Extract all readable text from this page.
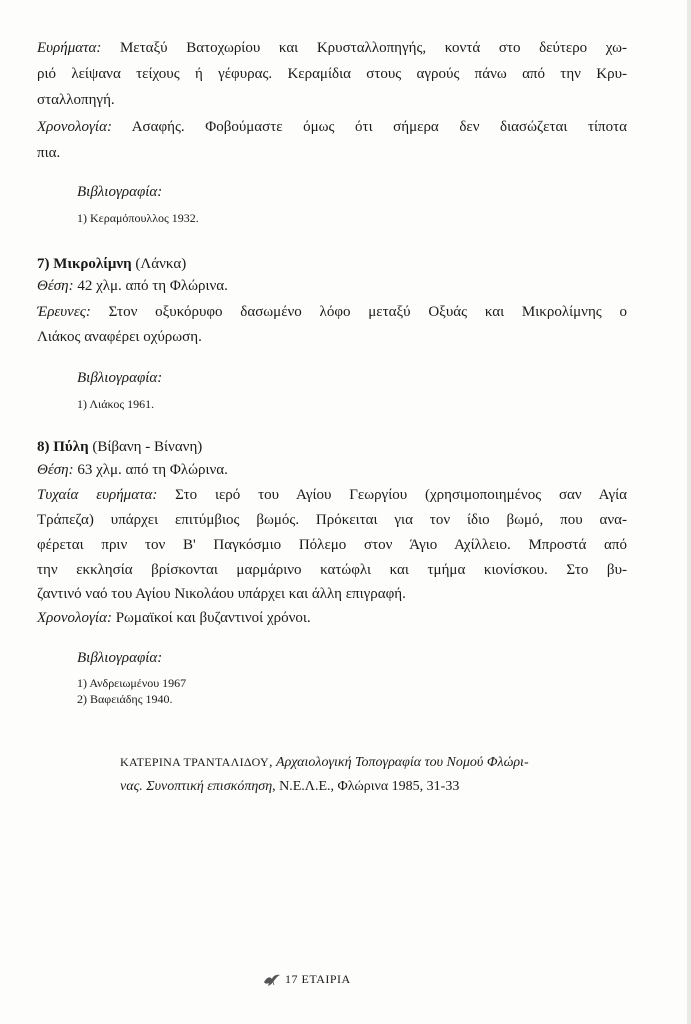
Ευρήματα: Μεταξύ Βατοχωρίου και Κρυσταλλοπηγής, κοντά στο δεύτερο χω-
ριό λείψανα τείχους ή γέφυρας. Κεραμίδια στους αγρούς πάνω από την Κρυ-
σταλλοπηγή.
Χρονολογία: Ασαφής. Φοβούμαστε όμως ότι σήμερα δεν διασώζεται τίποτα
πια.
Βιβλιογραφία:
1) Κεραμόπουλλος 1932.
7) Μικρολίμνη (Λάνκα)
Θέση: 42 χλμ. από τη Φλώρινα.
Έρευνες: Στον οξυκόρυφο δασωμένο λόφο μεταξύ Οξυάς και Μικρολίμνης ο
Λιάκος αναφέρει οχύρωση.
Βιβλιογραφία:
1) Λιάκος 1961.
8) Πύλη (Βίβανη - Βίνανη)
Θέση: 63 χλμ. από τη Φλώρινα.
Τυχαία ευρήματα: Στο ιερό του Αγίου Γεωργίου (χρησιμοποιημένος σαν Αγία
Τράπεζα) υπάρχει επιτύμβιος βωμός. Πρόκειται για τον ίδιο βωμό, που ανα-
φέρεται πριν τον Β' Παγκόσμιο Πόλεμο στον Άγιο Αχίλλειο. Μπροστά από
την εκκλησία βρίσκονται μαρμάρινο κατώφλι και τμήμα κιονίσκου. Στο βυ-
ζαντινό ναό του Αγίου Νικολάου υπάρχει και άλλη επιγραφή.
Χρονολογία: Ρωμαϊκοί και βυζαντινοί χρόνοι.
Βιβλιογραφία:
1) Ανδρειωμένου 1967
2) Βαφειάδης 1940.
ΚΑΤΕΡΙΝΑ ΤΡΑΝΤΑΛΙΔΟΥ, Αρχαιολογική Τοπογραφία του Νομού Φλώρι-
νας. Συνοπτική επισκόπηση, Ν.Ε.Λ.Ε., Φλώρινα 1985, 31-33
17 ΕΤΑΙΡΙΑ
